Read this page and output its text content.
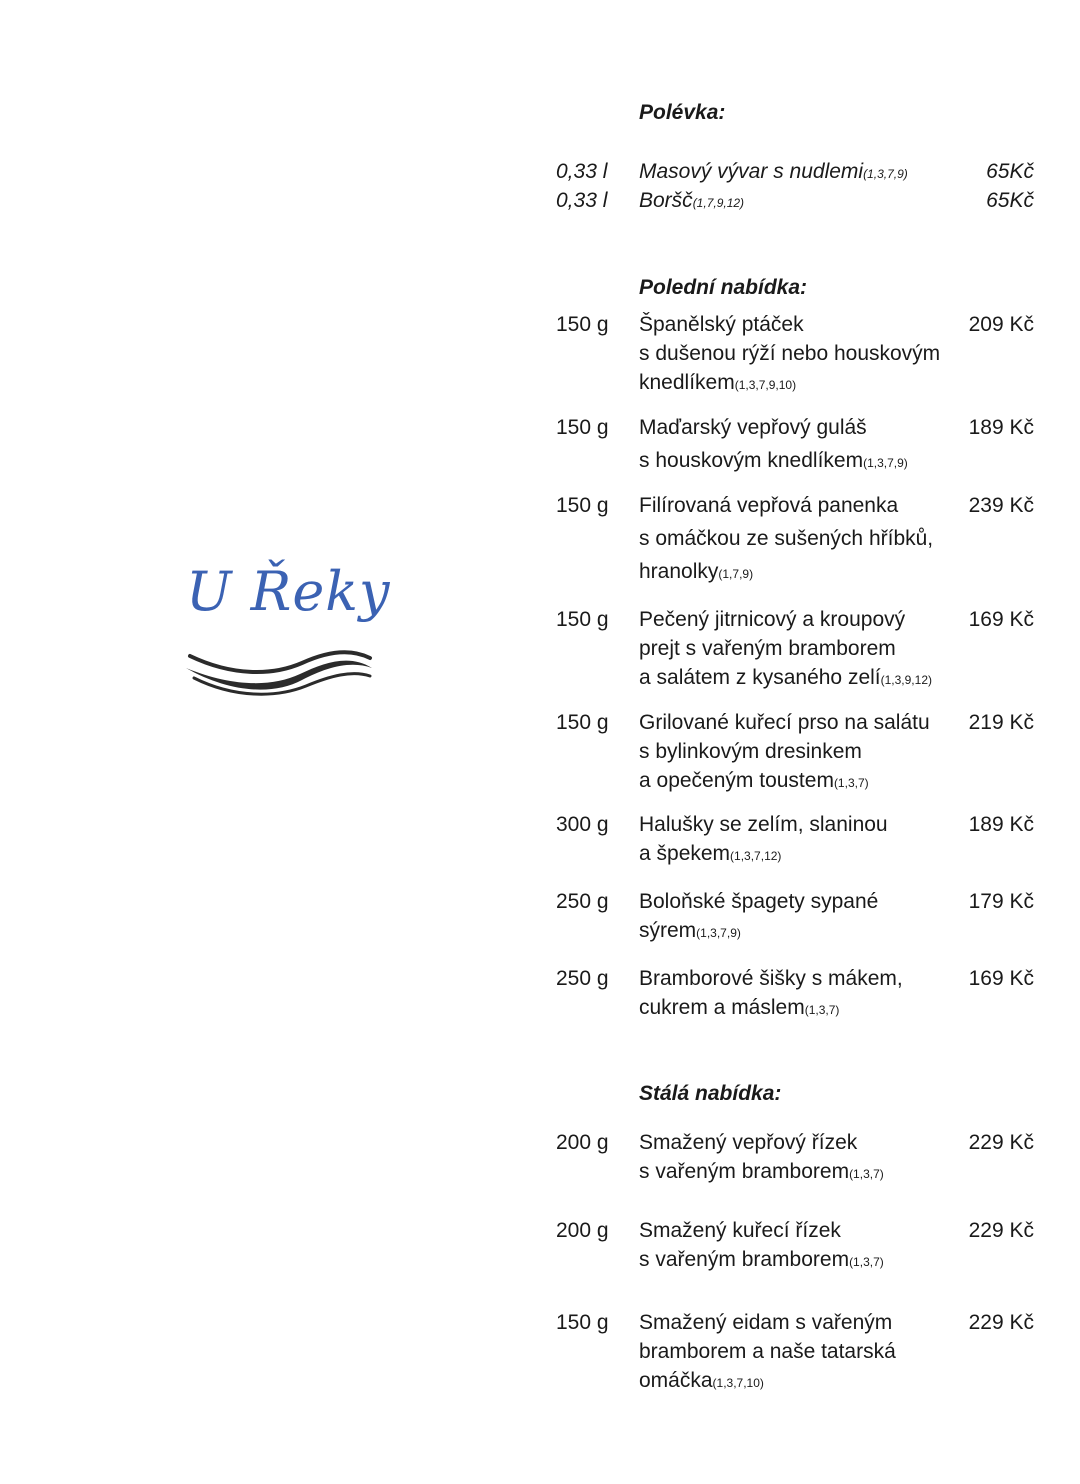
U Řeky
Polévka:
0,33 l Masový vývar s nudlemi(1,3,7,9)	65Kč
0,33 l Boršč(1,7,9,12)	65Kč
Polední nabídka:
150 g Španělský ptáček
s dušenou rýží nebo houskovým
knedlíkem(1,3,7,9,10)
209 Kč
150 g Maďarský vepřový guláš
s houskovým knedlíkem(1,3,7,9)
189 Kč
150 g Filírovaná vepřová panenka
s omáčkou ze sušených hříbků,
hranolky(1,7,9)
239 Kč
150 g Pečený jitrnicový a kroupový
prejt s vařeným bramborem
a salátem z kysaného zelí(1,3,9,12)
169 Kč
150 g Grilované kuřecí prso na salátu
s bylinkovým dresinkem
a opečeným toustem(1,3,7)
219 Kč
300 g Halušky se zelím, slaninou
a špekem(1,3,7,12)
189 Kč
250 g Boloňské špagety sypané
sýrem(1,3,7,9)
179 Kč
250 g Bramborové šišky s mákem,
cukrem a máslem(1,3,7)
169 Kč
Stálá nabídka:
200 g Smažený vepřový řízek
s vařeným bramborem(1,3,7)
229 Kč
200 g Smažený kuřecí řízek
s vařeným bramborem(1,3,7)
229 Kč
150 g Smažený eidam s vařeným
bramborem a naše tatarská
omáčka(1,3,7,10)
229 Kč
